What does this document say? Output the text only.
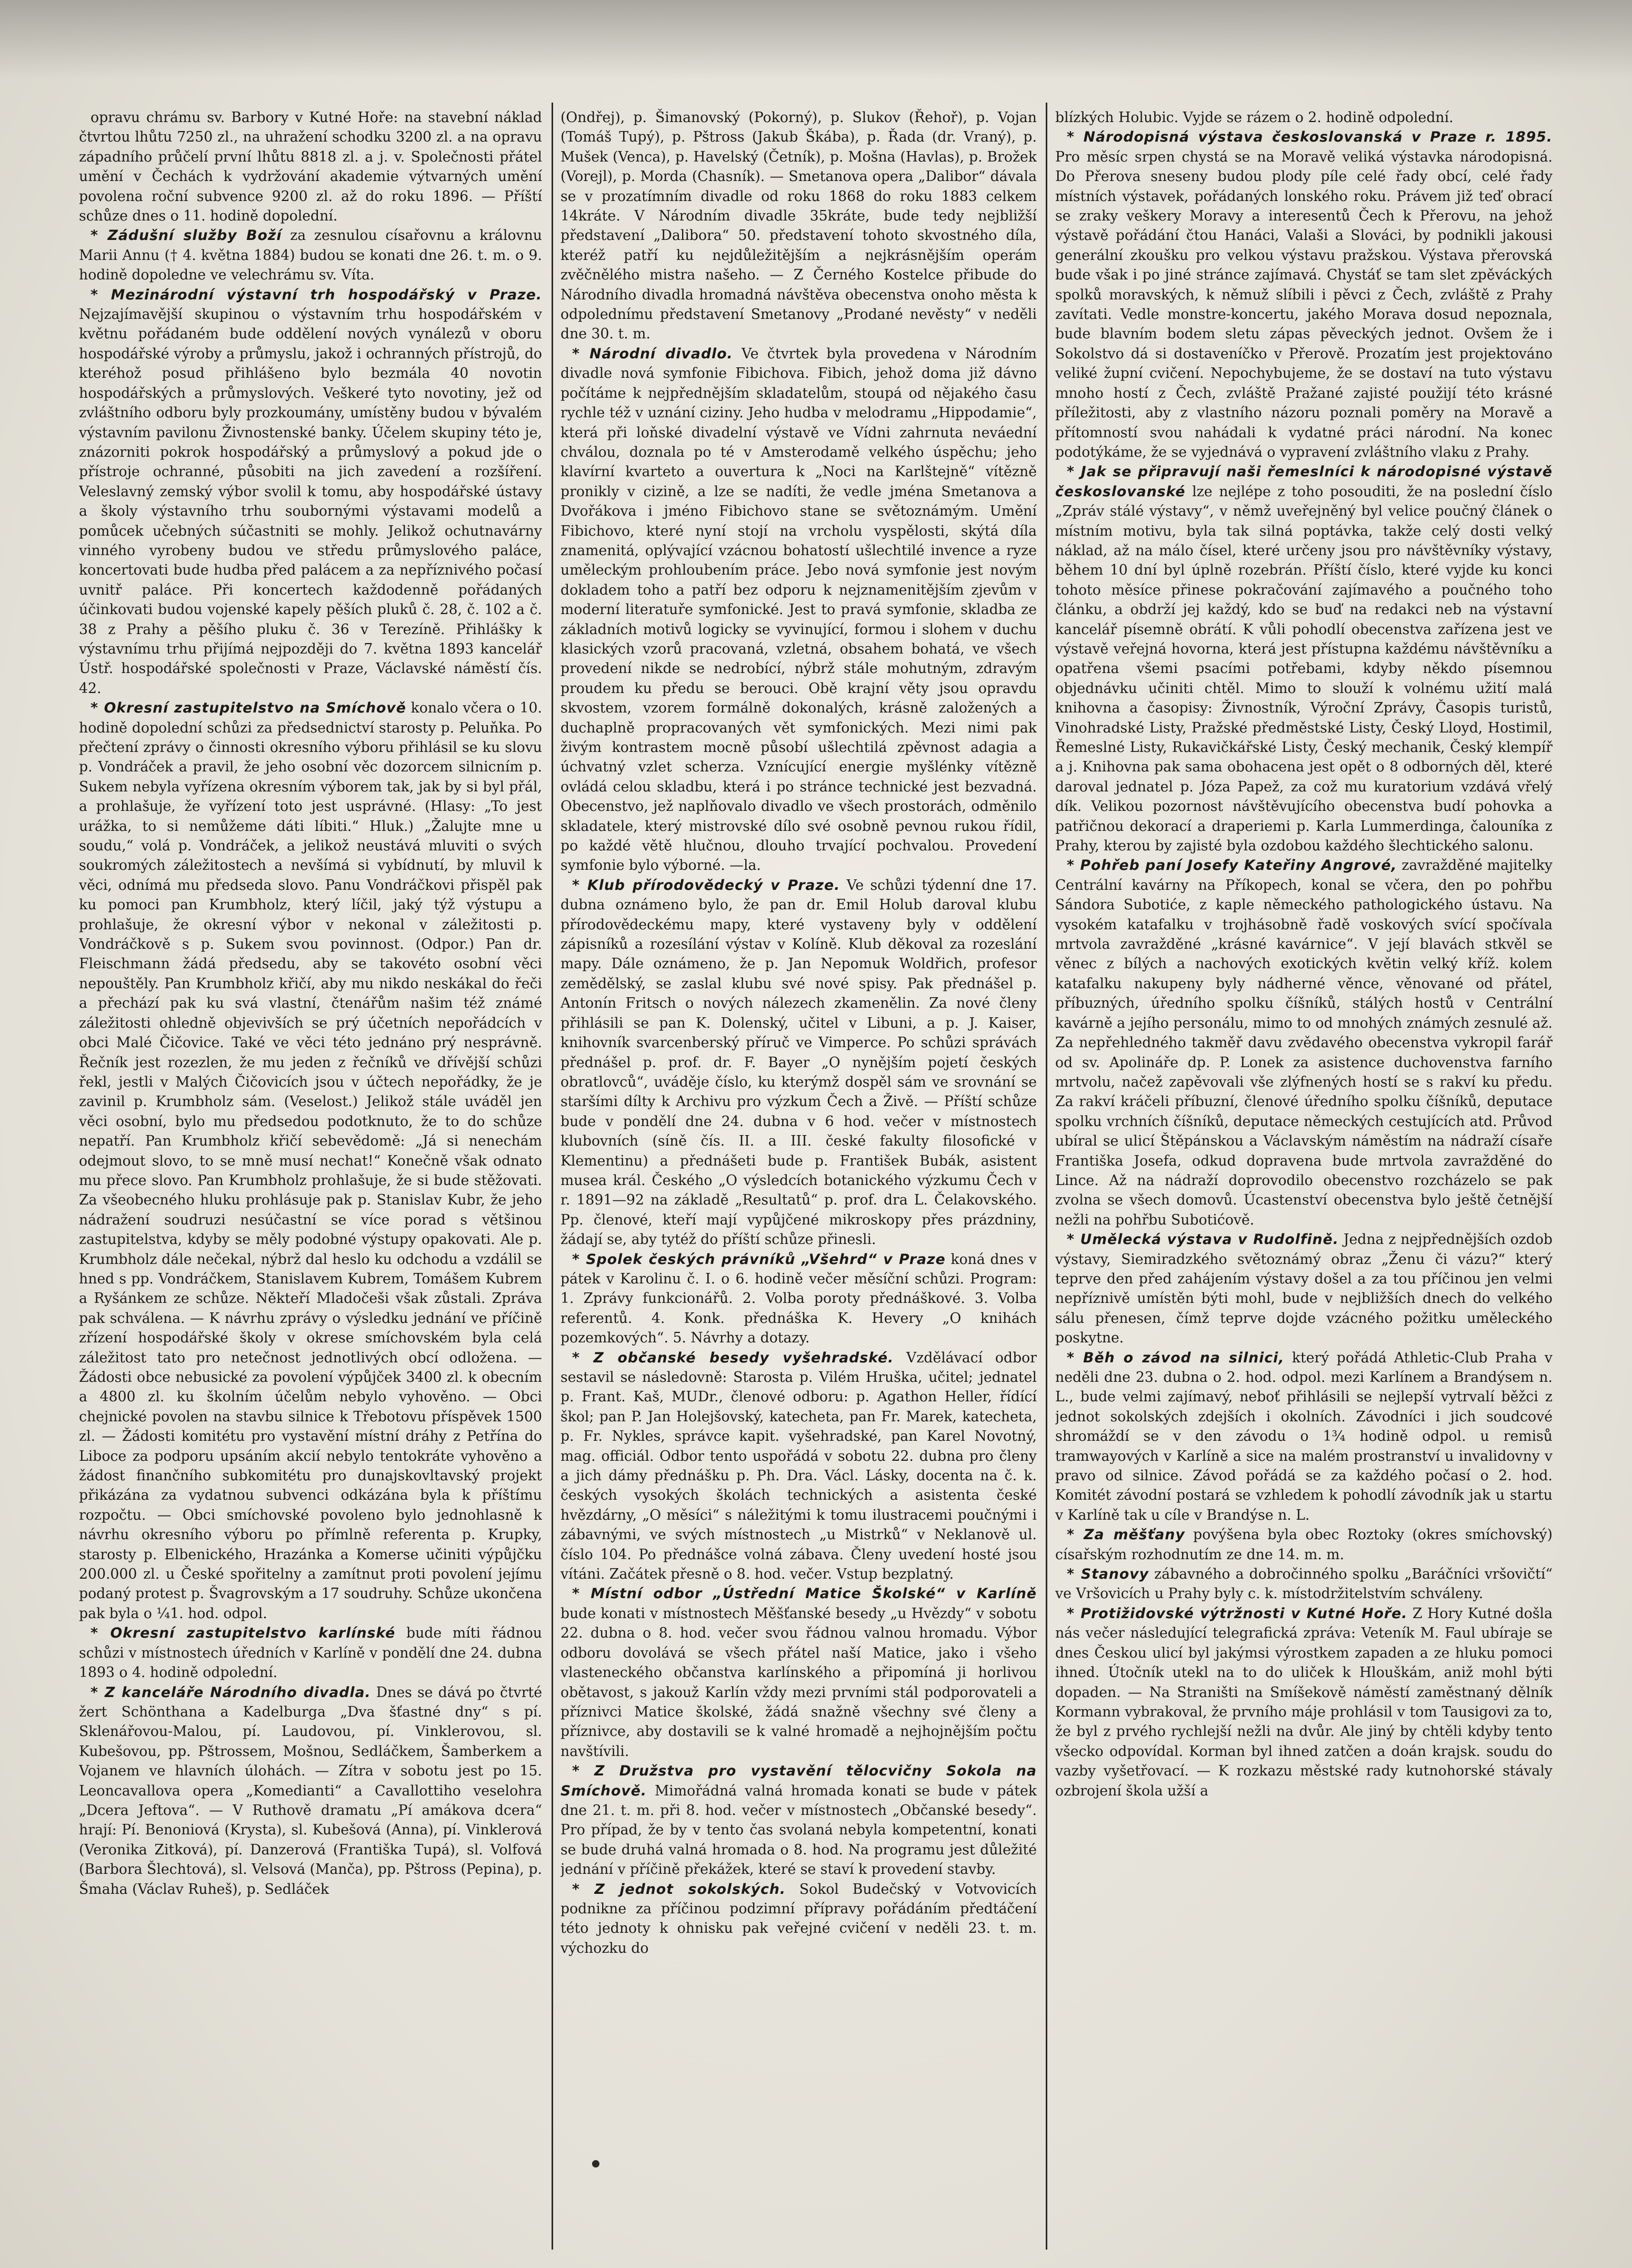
opravu chrámu sv. Barbory v Kutné Hoře: na stavební náklad čtvrtou lhůtu 7250 zl., na uhražení schodku 3200 zl. a na opravu západního průčelí první lhůtu 8818 zl. a j. v. Společnosti přátel umění v Čechách k vydržování akademie výtvarných umění povolena roční subvence 9200 zl. až do roku 1896. — Příští schůze dnes o 11. hodině dopolední.

* Zádušní služby Boží za zesnulou císařovnu a královnu Marii Annu († 4. května 1884) budou se konati dne 26. t. m. o 9. hodině dopoledne ve velechrámu sv. Víta.

* Mezinárodní výstavní trh hospodářský v Praze. Nejzajímavější skupinou o výstavním trhu hospodářském v květnu pořádaném bude oddělení nových vynálezů v oboru hospodářské výroby a průmyslu, jakož i ochranných přístrojů, do kteréhož posud přihlášeno bylo bezmála 40 novotin hospodářských a průmyslových. Veškeré tyto novotiny, jež od zvláštního odboru byly prozkoumány, umístěny budou v bývalém výstavním pavilonu Živnostenské banky. Účelem skupiny této je, znázorniti pokrok hospodářský a průmyslový a pokud jde o přístroje ochranné, působiti na jich zavedení a rozšíření. Veleslavný zemský výbor svolil k tomu, aby hospodářské ústavy a školy výstavního trhu soubornými výstavami modelů a pomůcek učebných súčastniti se mohly. Jelikož ochutnavárny vinného vyrobeny budou ve středu průmyslového paláce, koncertovati bude hudba před palácem a za nepříznivého počasí uvnitř paláce. Při koncertech každodenně pořádaných účinkovati budou vojenské kapely pěších pluků č. 28, č. 102 a č. 38 z Prahy a pěšího pluku č. 36 v Terezíně. Přihlášky k výstavnímu trhu přijímá nejpozději do 7. května 1893 kancelář Ústř. hospodářské společnosti v Praze, Václavské náměstí čís. 42.

* Okresní zastupitelstvo na Smíchově konalo včera o 10. hodině dopolední schůzi za předsednictví starosty p. Peluňka. Po přečtení zprávy o činnosti okresního výboru přihlásil se ku slovu p. Vondráček a pravil, že jeho osobní věc dozorcem silnicním p. Sukem nebyla vyřízena okresním výborem tak, jak by si byl přál, a prohlašuje, že vyřízení toto jest usprávné. (Hlasy: „To jest urážka, to si nemůžeme dáti líbiti.“ Hluk.) „Žalujte mne u soudu,“ volá p. Vondráček, a jelikož neustává mluviti o svých soukromých záležitostech a nevšímá si vybídnutí, by mluvil k věci, odnímá mu předseda slovo. Panu Vondráčkovi přispěl pak ku pomoci pan Krumbholz, který líčil, jaký týž výstupu a prohlašuje, že okresní výbor v nekonal v záležitosti p. Vondráčkově s p. Sukem svou povinnost. (Odpor.) Pan dr. Fleischmann žádá předsedu, aby se takovéto osobní věci nepouštěly. Pan Krumbholz křičí, aby mu nikdo neskákal do řeči a přechází pak ku svá vlastní, čtenářům našim též známé záležitosti ohledně objevivších se prý účetních nepořádcích v obci Malé Čičovice. Také ve věci této jednáno prý nesprávně. Řečník jest rozezlen, že mu jeden z řečníků ve dřívější schůzi řekl, jestli v Malých Čičovicích jsou v účtech nepořádky, že je zavinil p. Krumbholz sám. (Veselost.) Jelikož stále uváděl jen věci osobní, bylo mu předsedou podotknuto, že to do schůze nepatří. Pan Krumbholz křičí sebevědomě: „Já si nenechám odejmout slovo, to se mně musí nechat!“ Konečně však odnato mu přece slovo. Pan Krumbholz prohlašuje, že si bude stěžovati. Za všeobecného hluku prohlásuje pak p. Stanislav Kubr, že jeho nádražení soudruzi nesúčastní se více porad s většinou zastupitelstva, kdyby se měly podobné výstupy opakovati. Ale p. Krumbholz dále nečekal, nýbrž dal heslo ku odchodu a vzdálil se hned s pp. Vondráčkem, Stanislavem Kubrem, Tomášem Kubrem a Ryšánkem ze schůze. Někteří Mladočeši však zůstali. Zpráva pak schválena. — K návrhu zprávy o výsledku jednání ve příčině zřízení hospodářské školy v okrese smíchovském byla celá záležitost tato pro netečnost jednotlivých obcí odložena. — Žádosti obce nebusické za povolení výpůjček 3400 zl. k obecním a 4800 zl. ku školním účelům nebylo vyhověno. — Obci chejnické povolen na stavbu silnice k Třebotovu příspěvek 1500 zl. — Žádosti komitétu pro vystavění místní dráhy z Petřína do Liboce za podporu upsáním akcií nebylo tentokráte vyhověno a žádost finančního subkomitétu pro dunajskovltavský projekt přikázána za vydatnou subvenci odkázána byla k příštímu rozpočtu. — Obci smíchovské povoleno bylo jednohlasně k návrhu okresního výboru po přímlně referenta p. Krupky, starosty p. Elbenického, Hrazánka a Komerse učiniti výpůjčku 200.000 zl. u České spořitelny a zamítnut proti povolení jejímu podaný protest p. Švagrovským a 17 soudruhy. Schůze ukončena pak byla o ¼1. hod. odpol.

* Okresní zastupitelstvo karlínské bude míti řádnou schůzi v místnostech úředních v Karlíně v pondělí dne 24. dubna 1893 o 4. hodině odpolední.

* Z kanceláře Národního divadla. Dnes se dává po čtvrté žert Schönthana a Kadelburga „Dva šťastné dny“ s pí. Sklenářovou-Malou, pí. Laudovou, pí. Vinklerovou, sl. Kubešovou, pp. Pštrossem, Mošnou, Sedláčkem, Šamberkem a Vojanem ve hlavních úlohách. — Zítra v sobotu jest po 15. Leoncavallova opera „Komedianti“ a Cavallottiho veselohra „Dcera Jeftova“. — V Ruthově dramatu „Pí amákova dcera“ hrají: Pí. Benoniová (Krysta), sl. Kubešová (Anna), pí. Vinklerová (Veronika Zitková), pí. Danzerová (Františka Tupá), sl. Volfová (Barbora Šlechtová), sl. Velsová (Manča), pp. Pštross (Pepina), p. Šmaha (Václav Ruheš), p. Sedláček

(Ondřej), p. Šimanovský (Pokorný), p. Slukov (Řehoř), p. Vojan (Tomáš Tupý), p. Pštross (Jakub Škába), p. Řada (dr. Vraný), p. Mušek (Venca), p. Havelský (Četník), p. Mošna (Havlas), p. Brožek (Vorejl), p. Morda (Chasník). — Smetanova opera „Dalibor“ dávala se v prozatímním divadle od roku 1868 do roku 1883 celkem 14kráte. V Národním divadle 35kráte, bude tedy nejbližší představení „Dalibora“ 50. představení tohoto skvostného díla, kteréž patří ku nejdůležitějším a nejkrásnějším operám zvěčnělého mistra našeho. — Z Černého Kostelce přibude do Národního divadla hromadná návštěva obecenstva onoho města k odpolednímu představení Smetanovy „Prodané nevěsty“ v neděli dne 30. t. m.

* Národní divadlo. Ve čtvrtek byla provedena v Národním divadle nová symfonie Fibichova. Fibich, jehož doma již dávno počítáme k nejpřednějším skladatelům, stoupá od nějakého času rychle též v uznání ciziny. Jeho hudba v melodramu „Hippodamie“, která při loňské divadelní výstavě ve Vídni zahrnuta neváední chválou, doznala po té v Amsterodamě velkého úspěchu; jeho klavírní kvarteto a ouvertura k „Noci na Karlštejně“ vítězně pronikly v cizině, a lze se nadíti, že vedle jména Smetanova a Dvořákova i jméno Fibichovo stane se světoznámým. Umění Fibichovo, které nyní stojí na vrcholu vyspělosti, skýtá díla znamenitá, oplývající vzácnou bohatostí ušlechtilé invence a ryze uměleckým prohloubením práce. Jebo nová symfonie jest novým dokladem toho a patří bez odporu k nejznamenitějším zjevům v moderní literatuře symfonické. Jest to pravá symfonie, skladba ze základních motivů logicky se vyvinující, formou i slohem v duchu klasických vzorů pracovaná, vzletná, obsahem bohatá, ve všech provedení nikde se nedrobící, nýbrž stále mohutným, zdravým proudem ku předu se berouci. Obě krajní věty jsou opravdu skvostem, vzorem formálně dokonalých, krásně založených a duchaplně propracovaných vět symfonických. Mezi nimi pak živým kontrastem mocně působí ušlechtilá zpěvnost adagia a úchvatný vzlet scherza. Vznícující energie myšlénky vítězně ovládá celou skladbu, která i po stránce technické jest bezvadná. Obecenstvo, jež naplňovalo divadlo ve všech prostorách, odměnilo skladatele, který mistrovské dílo své osobně pevnou rukou řídil, po každé větě hlučnou, dlouho trvající pochvalou. Provedení symfonie bylo výborné. —la.

* Klub přírodovědecký v Praze. Ve schůzi týdenní dne 17. dubna oznámeno bylo, že pan dr. Emil Holub daroval klubu přírodovědeckému mapy, které vystaveny byly v oddělení zápisníků a rozesílání výstav v Kolíně. Klub děkoval za rozeslání mapy. Dále oznámeno, že p. Jan Nepomuk Woldřich, profesor zemědělský, se zaslal klubu své nové spisy. Pak přednášel p. Antonín Fritsch o nových nálezech zkamenělin. Za nové členy přihlásili se pan K. Dolenský, učitel v Libuni, a p. J. Kaiser, knihovník svarcenberský příruč ve Vimperce. Po schůzi správách přednášel p. prof. dr. F. Bayer „O nynějším pojetí českých obratlovců“, uváděje číslo, ku kterýmž dospěl sám ve srovnání se staršími dílty k Archivu pro výzkum Čech a Živě. — Příští schůze bude v pondělí dne 24. dubna v 6 hod. večer v místnostech klubovních (síně čís. II. a III. české fakulty filosofické v Klementinu) a přednášeti bude p. František Bubák, asistent musea král. Českého „O výsledcích botanického výzkumu Čech v r. 1891—92 na základě „Resultatů“ p. prof. dra L. Čelakovského. Pp. členové, kteří mají vypůjčené mikroskopy přes prázdniny, žádají se, aby tytéž do příští schůze přinesli.

* Spolek českých právníků „Všehrd“ v Praze koná dnes v pátek v Karolinu č. I. o 6. hodině večer měsíční schůzi. Program: 1. Zprávy funkcionářů. 2. Volba poroty přednáškové. 3. Volba referentů. 4. Konk. přednáška K. Hevery „O knihách pozemkových“. 5. Návrhy a dotazy.

* Z občanské besedy vyšehradské. Vzdělávací odbor sestavil se následovně: Starosta p. Vilém Hruška, učitel; jednatel p. Frant. Kaš, MUDr., členové odboru: p. Agathon Heller, řídící škol; pan P. Jan Holejšovský, katecheta, pan Fr. Marek, katecheta, p. Fr. Nykles, správce kapit. vyšehradské, pan Karel Novotný, mag. officiál. Odbor tento uspořádá v sobotu 22. dubna pro členy a jich dámy přednášku p. Ph. Dra. Václ. Lásky, docenta na č. k. českých vysokých školách technických a asistenta české hvězdárny, „O měsíci“ s náležitými k tomu ilustracemi poučnými i zábavnými, ve svých místnostech „u Mistrků“ v Neklanově ul. číslo 104. Po přednášce volná zábava. Členy uvedení hosté jsou vítáni. Začátek přesně o 8. hod. večer. Vstup bezplatný.

* Místní odbor „Ústřední Matice Školské“ v Karlíně bude konati v místnostech Měšťanské besedy „u Hvězdy“ v sobotu 22. dubna o 8. hod. večer svou řádnou valnou hromadu. Výbor odboru dovolává se všech přátel naší Matice, jako i všeho vlasteneckého občanstva karlínského a připomíná ji horlivou obětavost, s jakouž Karlín vždy mezi prvními stál podporovateli a příznivci Matice školské, žádá snažně všechny své členy a příznivce, aby dostavili se k valné hromadě a nejhojnějším počtu navštívili.

* Z Družstva pro vystavění tělocvičny Sokola na Smíchově. Mimořádná valná hromada konati se bude v pátek dne 21. t. m. při 8. hod. večer v místnostech „Občanské besedy“. Pro případ, že by v tento čas svolaná nebyla kompetentní, konati se bude druhá valná hromada o 8. hod. Na programu jest důležité jednání v příčině překážek, které se staví k provedení stavby.

* Z jednot sokolských. Sokol Budečský v Votvovicích podnikne za příčinou podzimní přípravy pořádáním předtáčení této jednoty k ohnisku pak veřejné cvičení v neděli 23. t. m. výchozku do

blízkých Holubic. Vyjde se rázem o 2. hodině odpolední.

* Národopisná výstava českoslovanská v Praze r. 1895. Pro měsíc srpen chystá se na Moravě veliká výstavka národopisná. Do Přerova sneseny budou plody píle celé řady obcí, celé řady místních výstavek, pořádaných lonského roku. Právem již teď obrací se zraky veškery Moravy a interesentů Čech k Přerovu, na jehož výstavě pořádání čtou Hanáci, Valaši a Slováci, by podnikli jakousi generální zkoušku pro velkou výstavu pražskou. Výstava přerovská bude však i po jiné stránce zajímavá. Chystáť se tam slet zpěváckých spolků moravských, k němuž slíbili i pěvci z Čech, zvláště z Prahy zavítati. Vedle monstre-koncertu, jakého Morava dosud nepoznala, bude blavním bodem sletu zápas pěveckých jednot. Ovšem že i Sokolstvo dá si dostaveníčko v Přerově. Prozatím jest projektováno veliké župní cvičení. Nepochybujeme, že se dostaví na tuto výstavu mnoho hostí z Čech, zvláště Pražané zajisté použijí této krásné příležitosti, aby z vlastního názoru poznali poměry na Moravě a přítomností svou nahádali k vydatné práci národní. Na konec podotýkáme, že se vyjednává o vypravení zvláštního vlaku z Prahy.

* Jak se připravují naši řemeslníci k národopisné výstavě českoslovanské lze nejlépe z toho posouditi, že na poslední číslo „Zpráv stálé výstavy“, v němž uveřejněný byl velice poučný článek o místním motivu, byla tak silná poptávka, takže celý dosti velký náklad, až na málo čísel, které určeny jsou pro návštěvníky výstavy, během 10 dní byl úplně rozebrán. Příští číslo, které vyjde ku konci tohoto měsíce přinese pokračování zajímavého a poučného toho článku, a obdrží jej každý, kdo se buď na redakci neb na výstavní kancelář písemně obrátí. K vůli pohodlí obecenstva zařízena jest ve výstavě veřejná hovorna, která jest přístupna každému návštěvníku a opatřena všemi psacími potřebami, kdyby někdo písemnou objednávku učiniti chtěl. Mimo to slouží k volnému užití malá knihovna a časopisy: Živnostník, Výroční Zprávy, Časopis turistů, Vinohradské Listy, Pražské předměstské Listy, Český Lloyd, Hostimil, Řemeslné Listy, Rukavičkářské Listy, Český mechanik, Český klempíř a j. Knihovna pak sama obohacena jest opět o 8 odborných děl, které daroval jednatel p. Józa Papež, za což mu kuratorium vzdává vřelý dík. Velikou pozornost návštěvujícího obecenstva budí pohovka a patřičnou dekorací a draperiemi p. Karla Lummerdinga, čalouníka z Prahy, kterou by zajisté byla ozdobou každého šlechtického salonu.

* Pohřeb paní Josefy Kateřiny Angrové, zavražděné majitelky Centrální kavárny na Příkopech, konal se včera, den po pohřbu Sándora Subotiće, z kaple německého pathologického ústavu. Na vysokém katafalku v trojhásobně řadě voskových svící spočívala mrtvola zavražděné „krásné kavárnice“. V její blavách stkvěl se věnec z bílých a nachových exotických květin velký kříž. kolem katafalku nakupeny byly nádherné věnce, věnované od přátel, příbuzných, úředního spolku číšníků, stálých hostů v Centrální kavárně a jejího personálu, mimo to od mnohých známých zesnulé až. Za nepřehledného takměř davu zvědavého obecenstva vykropil farář od sv. Apolináře dp. P. Lonek za asistence duchovenstva farního mrtvolu, načež zapěvovali vše zlýfnených hostí se s rakví ku předu. Za rakví kráčeli příbuzní, členové úředního spolku číšníků, deputace spolku vrchních číšníků, deputace německých cestujících atd. Průvod ubíral se ulicí Štěpánskou a Václavským náměstím na nádraží císaře Františka Josefa, odkud dopravena bude mrtvola zavražděné do Lince. Až na nádraží doprovodilo obecenstvo rozcházelo se pak zvolna se všech domovů. Úcastenství obecenstva bylo ještě četnější nežli na pohřbu Subotićově.

* Umělecká výstava v Rudolfině. Jedna z nejpřednějších ozdob výstavy, Siemiradzkého světoznámý obraz „Ženu či vázu?“ který teprve den před zahájením výstavy došel a za tou příčinou jen velmi nepříznivě umístěn býti mohl, bude v nejbližších dnech do velkého sálu přenesen, čímž teprve dojde vzácného požitku uměleckého poskytne.

* Běh o závod na silnici, který pořádá Athletic-Club Praha v neděli dne 23. dubna o 2. hod. odpol. mezi Karlínem a Brandýsem n. L., bude velmi zajímavý, neboť přihlásili se nejlepší vytrvalí běžci z jednot sokolských zdejších i okolních. Závodníci i jich soudcové shromáždí se v den závodu o 1¾ hodině odpol. u remisů tramwayových v Karlíně a sice na malém prostranství u invalidovny v pravo od silnice. Závod pořádá se za každého počasí o 2. hod. Komitét závodní postará se vzhledem k pohodlí závodník jak u startu v Karlíně tak u cíle v Brandýse n. L.

* Za měšťany povýšena byla obec Roztoky (okres smíchovský) císařským rozhodnutím ze dne 14. m. m.

* Stanovy zábavného a dobročinného spolku „Baráčníci vršovičtí“ ve Vršovicích u Prahy byly c. k. místodržitelstvím schváleny.

* Protižidovské výtržnosti v Kutné Hoře. Z Hory Kutné došla nás večer následující telegrafická zpráva: Veteník M. Faul ubíraje se dnes Českou ulicí byl jakýmsi výrostkem zapaden a ze hluku pomoci ihned. Útočník utekl na to do uliček k Hlouškám, aniž mohl býti dopaden. — Na Straništi na Smíšekově náměstí zaměstnaný dělník Kormann vybrakoval, že prvního máje prohlásil v tom Tausigovi za to, že byl z prvého rychlejší nežli na dvůr. Ale jiný by chtěli kdyby tento všecko odpovídal. Korman byl ihned zatčen a doán krajsk. soudu do vazby vyšetřovací. — K rozkazu městské rady kutnohorské stávaly ozbrojení škola užší a
